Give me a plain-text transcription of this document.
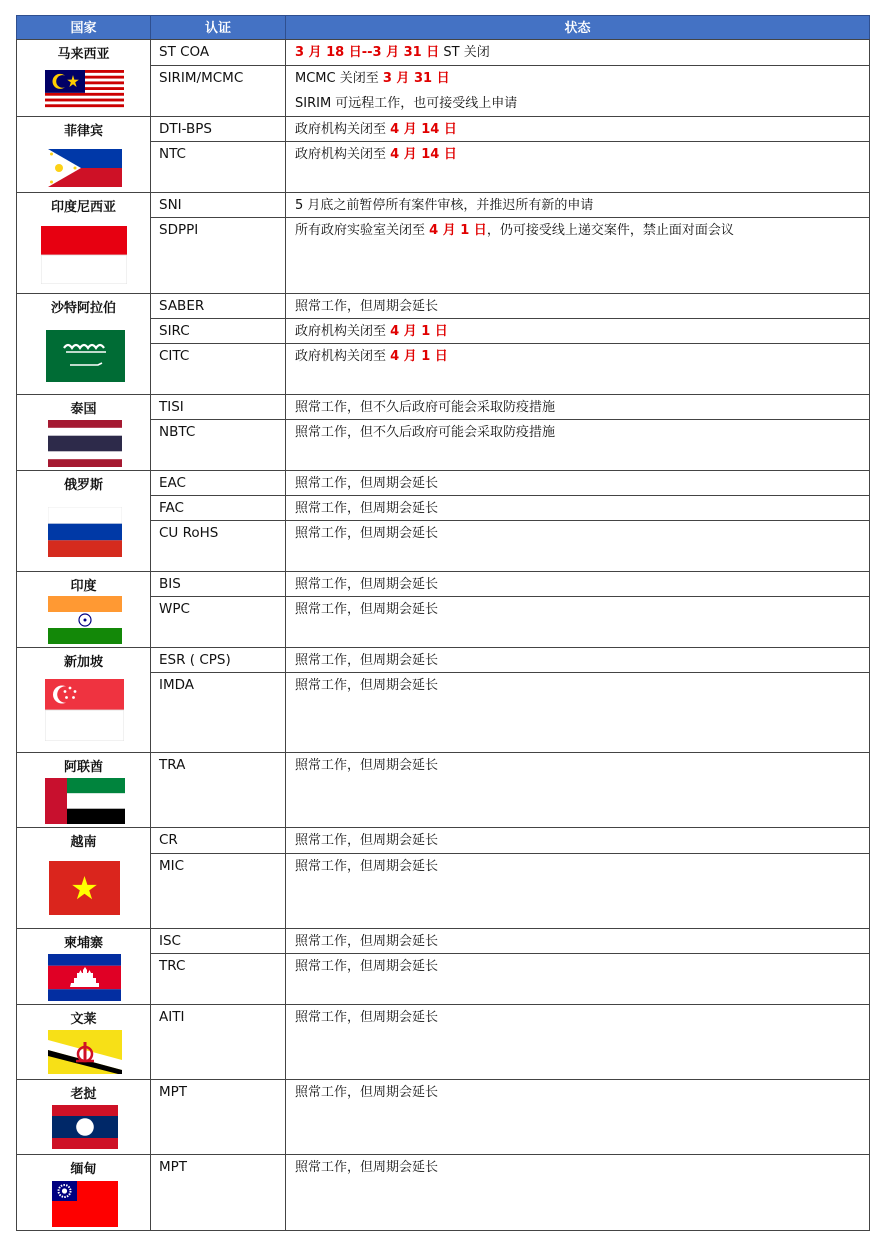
国家	认证	状态
马来西亚	ST COA	3 月 18 日--3 月 31 日 ST 关闭
SIRIM/MCMC	MCMC 关闭至 3 月 31 日
SIRIM 可远程工作，也可接受线上申请
菲律宾	DTI-BPS	政府机构关闭至 4 月 14 日
NTC	政府机构关闭至 4 月 14 日
印度尼西亚	SNI	5 月底之前暂停所有案件审核，并推迟所有新的申请
SDPPI	所有政府实验室关闭至 4 月 1 日，仍可接受线上递交案件，禁止面对面会议
沙特阿拉伯	SABER	照常工作，但周期会延长
SIRC	政府机构关闭至 4 月 1 日
CITC	政府机构关闭至 4 月 1 日
泰国	TISI	照常工作，但不久后政府可能会采取防疫措施
NBTC	照常工作，但不久后政府可能会采取防疫措施
俄罗斯	EAC	照常工作，但周期会延长
FAC	照常工作，但周期会延长
CU RoHS	照常工作，但周期会延长
印度	BIS	照常工作，但周期会延长
WPC	照常工作，但周期会延长
新加坡	ESR ( CPS)	照常工作，但周期会延长
IMDA	照常工作，但周期会延长
阿联酋	TRA	照常工作，但周期会延长
越南	CR	照常工作，但周期会延长
MIC	照常工作，但周期会延长
柬埔寨	ISC	照常工作，但周期会延长
TRC	照常工作，但周期会延长
文莱	AITI	照常工作，但周期会延长
老挝	MPT	照常工作，但周期会延长
缅甸	MPT	照常工作，但周期会延长
